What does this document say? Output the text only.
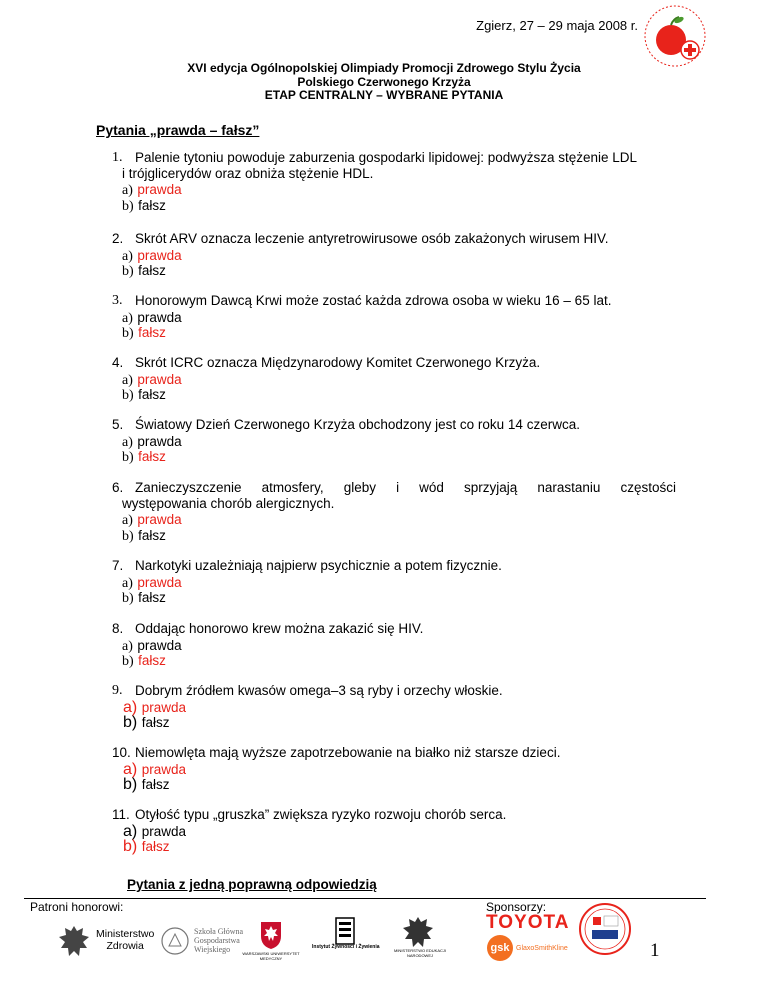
Zgierz, 27 – 29 maja 2008 r.
XVI edycja Ogólnopolskiej Olimpiady Promocji Zdrowego Stylu Życia
Polskiego Czerwonego Krzyża
ETAP CENTRALNY – WYBRANE PYTANIA
Pytania „prawda – fałsz”
1. Palenie tytoniu powoduje zaburzenia gospodarki lipidowej: podwyższa stężenie LDL
i trójglicerydów oraz obniża stężenie HDL.
a) prawda
b) fałsz
2. Skrót ARV oznacza leczenie antyretrowirusowe osób zakażonych wirusem HIV.
a) prawda
b) fałsz
3. Honorowym Dawcą Krwi może zostać każda zdrowa osoba w wieku 16 – 65 lat.
a) prawda
b) fałsz
4. Skrót ICRC oznacza Międzynarodowy Komitet Czerwonego Krzyża.
a) prawda
b) fałsz
5. Światowy Dzień Czerwonego Krzyża obchodzony jest co roku 14 czerwca.
a) prawda
b) fałsz
6. Zanieczyszczenie atmosfery, gleby i wód sprzyjają narastaniu częstości
występowania chorób alergicznych.
a) prawda
b) fałsz
7. Narkotyki uzależniają najpierw psychicznie a potem fizycznie.
a) prawda
b) fałsz
8. Oddając honorowo krew można zakazić się HIV.
a) prawda
b) fałsz
9. Dobrym źródłem kwasów omega–3 są ryby i orzechy włoskie.
a) prawda
b) fałsz
10. Niemowlęta mają wyższe zapotrzebowanie na białko niż starsze dzieci.
a) prawda
b) fałsz
11. Otyłość typu „gruszka” zwiększa ryzyko rozwoju chorób serca.
a) prawda
b) fałsz
Pytania z jedną poprawną odpowiedzią
Patroni honorowi:	Sponsorzy:
Ministerstwo
Zdrowia
Szkoła Główna
Gospodarstwa
Wiejskiego	WARSZAWSKI UNIWERSYTET MEDYCZNY
Instytut Żywności i Żywienia
MINISTERSTWO EDUKACJI NARODOWEJ
TOYOTA
gsk GlaxoSmithKline	1
